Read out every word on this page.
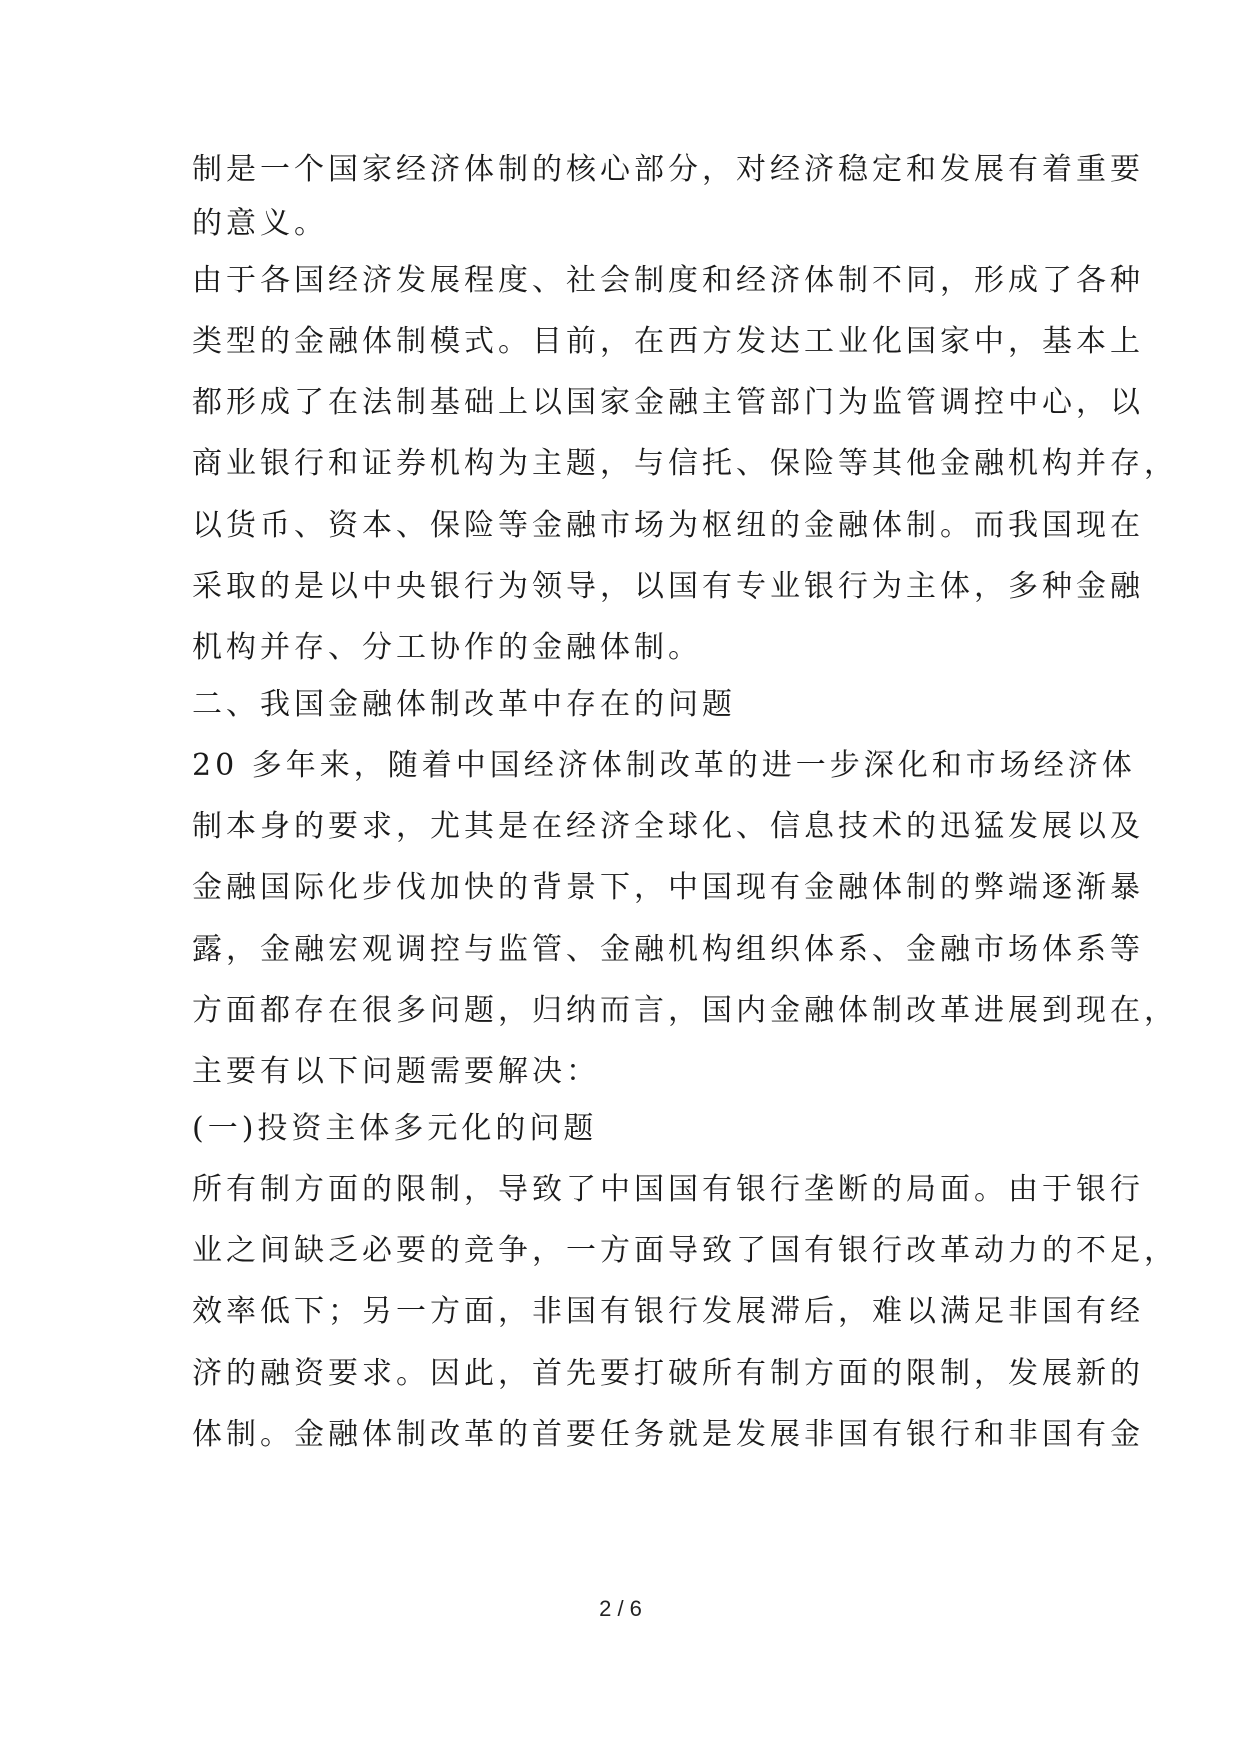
制是一个国家经济体制的核心部分，对经济稳定和发展有着重要
的意义。
由于各国经济发展程度、社会制度和经济体制不同，形成了各种
类型的金融体制模式。目前，在西方发达工业化国家中，基本上
都形成了在法制基础上以国家金融主管部门为监管调控中心，以
商业银行和证券机构为主题，与信托、保险等其他金融机构并存，
以货币、资本、保险等金融市场为枢纽的金融体制。而我国现在
采取的是以中央银行为领导，以国有专业银行为主体，多种金融
机构并存、分工协作的金融体制。
二、我国金融体制改革中存在的问题
20 多年来，随着中国经济体制改革的进一步深化和市场经济体
制本身的要求，尤其是在经济全球化、信息技术的迅猛发展以及
金融国际化步伐加快的背景下，中国现有金融体制的弊端逐渐暴
露，金融宏观调控与监管、金融机构组织体系、金融市场体系等
方面都存在很多问题，归纳而言，国内金融体制改革进展到现在，
主要有以下问题需要解决：
(一)投资主体多元化的问题
所有制方面的限制，导致了中国国有银行垄断的局面。由于银行
业之间缺乏必要的竞争，一方面导致了国有银行改革动力的不足，
效率低下；另一方面，非国有银行发展滞后，难以满足非国有经
济的融资要求。因此，首先要打破所有制方面的限制，发展新的
体制。金融体制改革的首要任务就是发展非国有银行和非国有金
2 / 6
